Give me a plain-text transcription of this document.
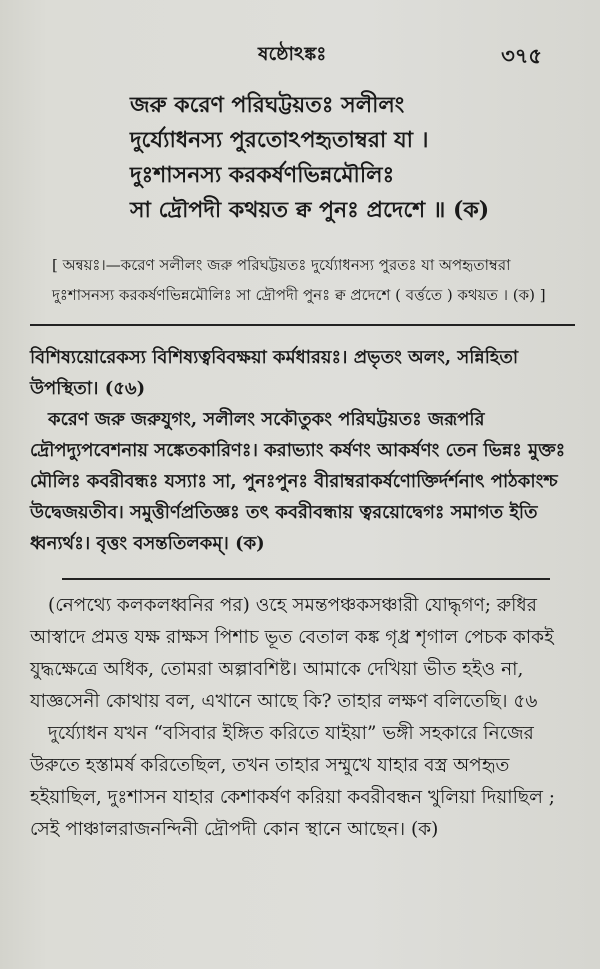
ষষ্ঠোঽঙ্কঃ	৩৭৫
জরু করেণ পরিঘট্টয়তঃ সলীলং
দুর্য্যোধনস্য পুরতোঽপহৃতাম্বরা যা ।
দুঃশাসনস্য করকর্ষণভিন্নমৌলিঃ
সা দ্রৌপদী কথয়ত ক্ব পুনঃ প্রদেশে ॥ (ক)
[ অন্বয়ঃ।—করেণ সলীলং জরু পরিঘট্টয়তঃ দুর্য্যোধনস্য পুরতঃ যা অপহৃতাম্বরা
দুঃশাসনস্য করকর্ষণভিন্নমৌলিঃ সা দ্রৌপদী পুনঃ ক্ব প্রদেশে ( বর্ত্ততে ) কথয়ত । (ক) ]

বিশিষ্যয়োরেকস্য বিশিষ্যত্ববিবক্ষয়া কর্মধারয়ঃ। প্রভৃতং অলং, সন্নিহিতা উপস্থিতা। (৫৬)

করেণ জরু জরুযুগং, সলীলং সকৌতুকং পরিঘট্টয়তঃ জরূপরি দ্রৌপদ্যুপবেশনায় সঙ্কেতকারিণঃ। করাভ্যাং কর্ষণং আকর্ষণং তেন ভিন্নঃ মুক্তঃ মৌলিঃ কবরীবন্ধঃ যস্যাঃ সা, পুনঃপুনঃ বীরাম্বরাকর্ষণোক্তির্দর্শনাৎ পাঠকাংশ্চ উদ্বেজয়তীব। সমুত্তীর্ণপ্রতিজ্ঞঃ তৎ কবরীবন্ধায় ত্বরয়োদ্বেগঃ সমাগত ইতি ধ্বন্যর্থঃ। বৃত্তং বসন্ততিলকম্। (ক)

(নেপথ্যে কলকলধ্বনির পর) ওহে সমন্তপঞ্চকসঞ্চারী যোদ্ধৃগণ; রুধির আস্বাদে প্রমত্ত যক্ষ রাক্ষস পিশাচ ভূত বেতাল কঙ্ক গৃধ্র শৃগাল পেচক কাকই যুদ্ধক্ষেত্রে অধিক, তোমরা অল্পাবশিষ্ট। আমাকে দেখিয়া ভীত হইও না, যাজ্ঞসেনী কোথায় বল, এখানে আছে কি? তাহার লক্ষণ বলিতেছি। ৫৬

দুর্য্যোধন যখন “বসিবার ইঙ্গিত করিতে যাইয়া” ভঙ্গী সহকারে নিজের উরুতে হস্তামর্ষ করিতেছিল, তখন তাহার সম্মুখে যাহার বস্ত্র অপহৃত হইয়াছিল, দুঃশাসন যাহার কেশাকর্ষণ করিয়া কবরীবন্ধন খুলিয়া দিয়াছিল ; সেই পাঞ্চালরাজনন্দিনী দ্রৌপদী কোন স্থানে আছেন। (ক)
